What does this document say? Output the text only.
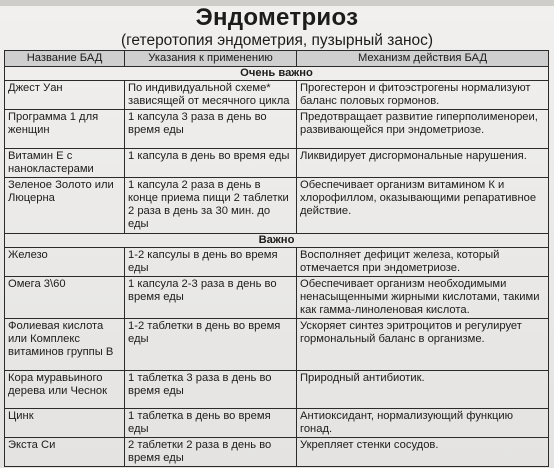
Эндометриоз
(гетеротопия эндометрия, пузырный занос)
Название БАД	Указания к применению	Механизм действия БАД
Очень важно		
Джест Уан	По индивидуальной схеме* зависящей от месячного цикла	Прогестерон и фитоэстрогены нормализуют баланс половых гормонов.
Программа 1 для женщин	1 капсула 3 раза в день во время еды	Предотвращает развитие гиперполименореи, развивающейся при эндометриозе.
Витамин Е с нанокластерами	1 капсула в день во время еды	Ликвидирует дисгормональные нарушения.
Зеленое Золото или Люцерна	1 капсула 2 раза в день в конце приема пищи 2 таблетки 2 раза в день за 30 мин. до еды	Обеспечивает организм витамином К и хлорофиллом, оказывающими репаративное действие.
Важно		
Железо	1-2 капсулы в день во время еды	Восполняет дефицит железа, который отмечается при эндометриозе.
Омега 3\60	1 капсула 2-3 раза в день во время еды	Обеспечивает организм необходимыми ненасыщенными жирными кислотами, такими как гамма-линоленовая кислота.
Фолиевая кислота или Комплекс витаминов группы В	1-2 таблетки в день во время еды	Ускоряет синтез эритроцитов и регулирует гормональный баланс в организме.
Кора муравьиного дерева или Чеснок	1 таблетка 3 раза в день во время еды	Природный антибиотик.
Цинк	1 таблетка в день во время еды	Антиоксидант, нормализующий функцию гонад.
Экста Си	2 таблетки 2 раза в день во время еды	Укрепляет стенки сосудов.
